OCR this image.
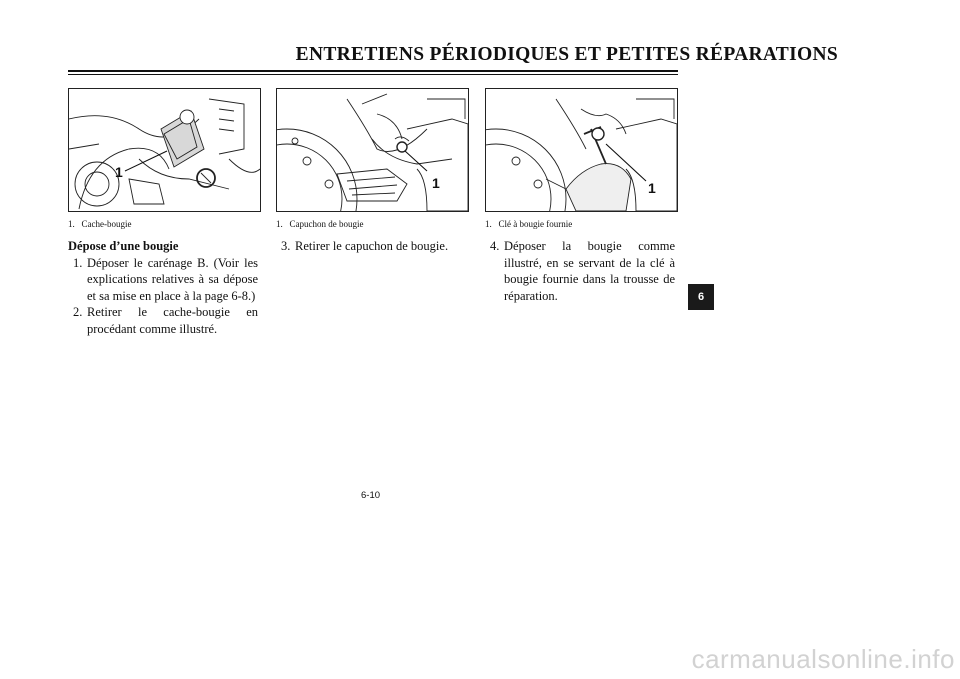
ENTRETIENS PÉRIODIQUES ET PETITES RÉPARATIONS
1
1	1
1.   Cache-bougie	1.   Capuchon de bougie	1.   Clé à bougie fournie
Dépose d’une bougie
1. Déposer le carénage B. (Voir les explications relatives à sa dépose et sa mise en place à la page 6-8.)
2. Retirer le cache-bougie en procédant comme illustré.
3. Retirer le capuchon de bougie.	4. Déposer la bougie comme illustré, en se servant de la clé à bougie fournie dans la trousse de réparation.	6
6-10
carmanualsonline.info
